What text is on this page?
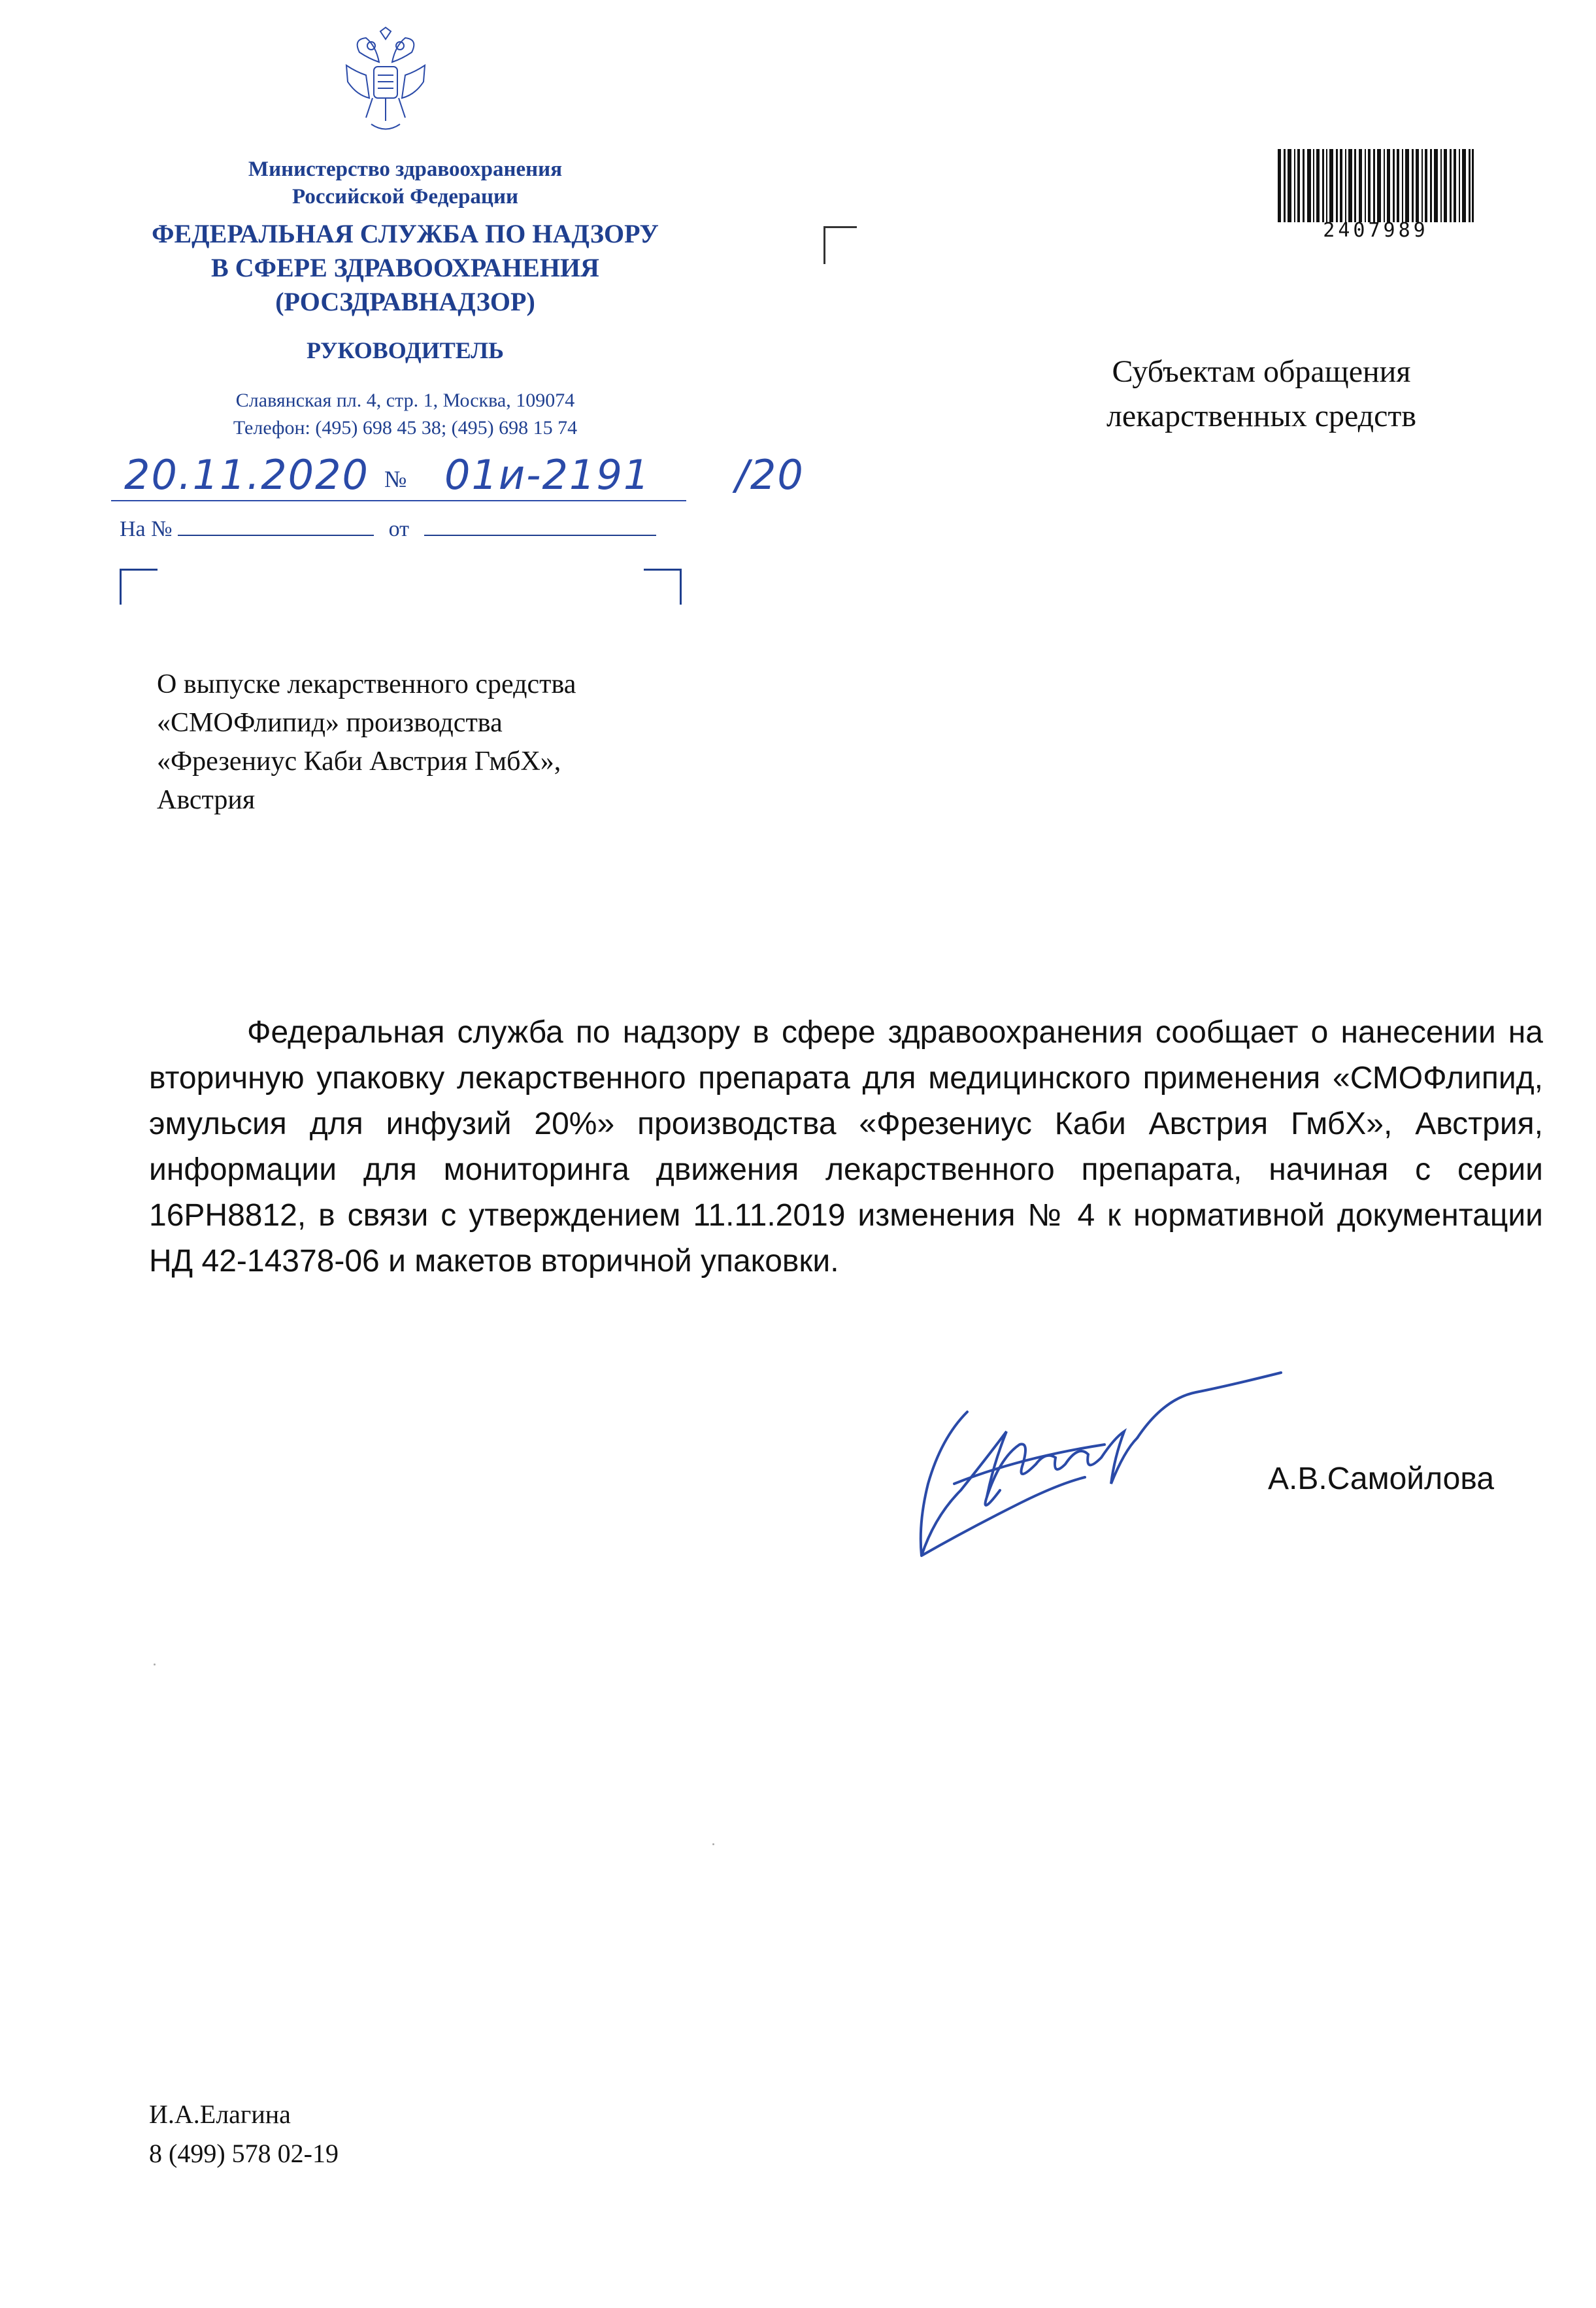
Министерство здравоохранения
Российской Федерации
ФЕДЕРАЛЬНАЯ СЛУЖБА ПО НАДЗОРУ
В СФЕРЕ ЗДРАВООХРАНЕНИЯ
(РОСЗДРАВНАДЗОР)
РУКОВОДИТЕЛЬ
Славянская пл. 4, стр. 1, Москва, 109074
Телефон: (495) 698 45 38; (495) 698 15 74
20.11.2020 № 01и-2191 /20
На №	от
2407989
Субъектам обращения
лекарственных средств
О выпуске лекарственного средства
«СМОФлипид» производства
«Фрезениус Каби Австрия ГмбХ»,
Австрия
Федеральная служба по надзору в сфере здравоохранения сообщает о нанесении на вторичную упаковку лекарственного препарата для медицинского применения «СМОФлипид, эмульсия для инфузий 20%» производства «Фрезениус Каби Австрия ГмбХ», Австрия, информации для мониторинга движения лекарственного препарата, начиная с серии 16PH8812, в связи с утверждением 11.11.2019 изменения № 4 к нормативной документации НД 42-14378-06 и макетов вторичной упаковки.
А.В.Самойлова
И.А.Елагина
8 (499) 578 02-19
